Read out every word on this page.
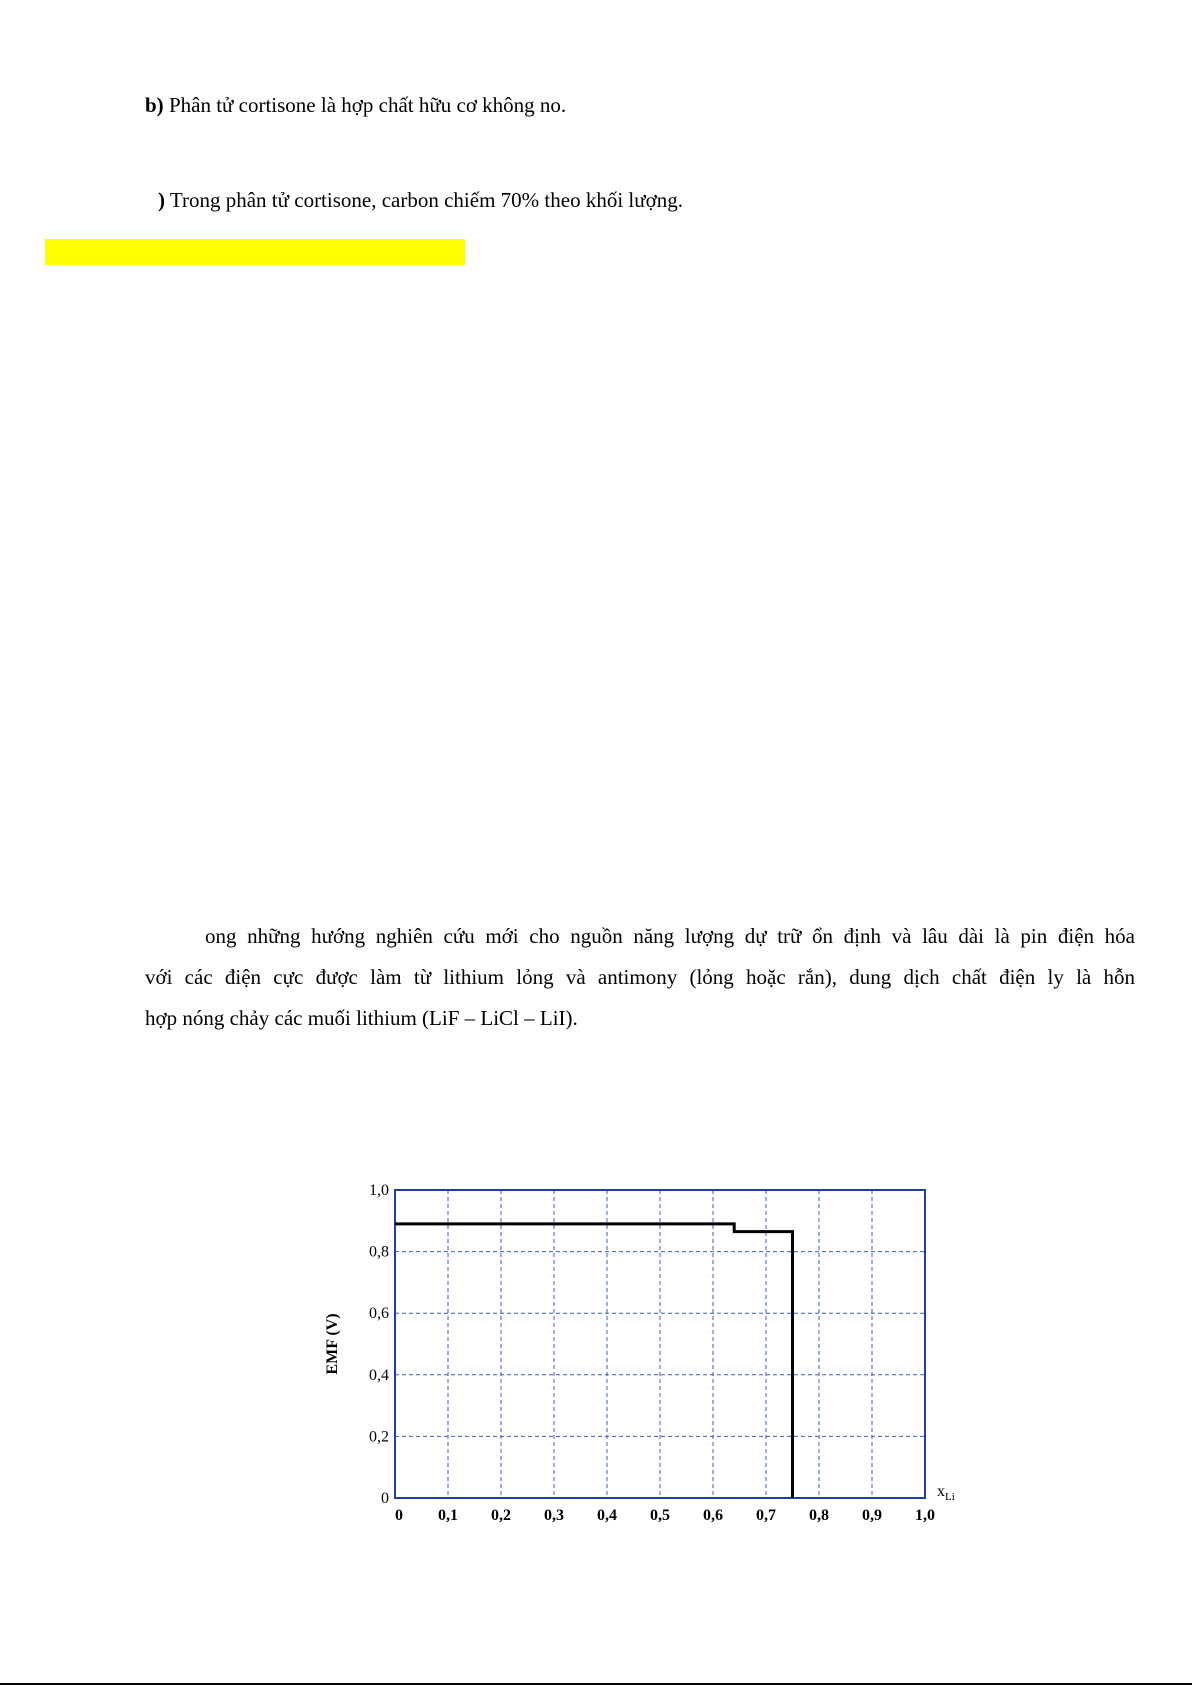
b) Phân tử cortisone là hợp chất hữu cơ không no.
) Trong phân tử cortisone, carbon chiếm 70% theo khối lượng.
ong những hướng nghiên cứu mới cho nguồn năng lượng dự trữ ổn định và lâu dài là pin điện hóa
với các điện cực được làm từ lithium lỏng và antimony (lỏng hoặc rắn), dung dịch chất điện ly là hỗn
hợp nóng chảy các muối lithium (LiF – LiCl – LiI).
0 0,1 0,2 0,3 0,4 0,5 0,6 0,7 0,8 0,9 1,0
0
0,2
0,4
0,6
0,8
1,0
EMF (V)
$x_{Li}$
